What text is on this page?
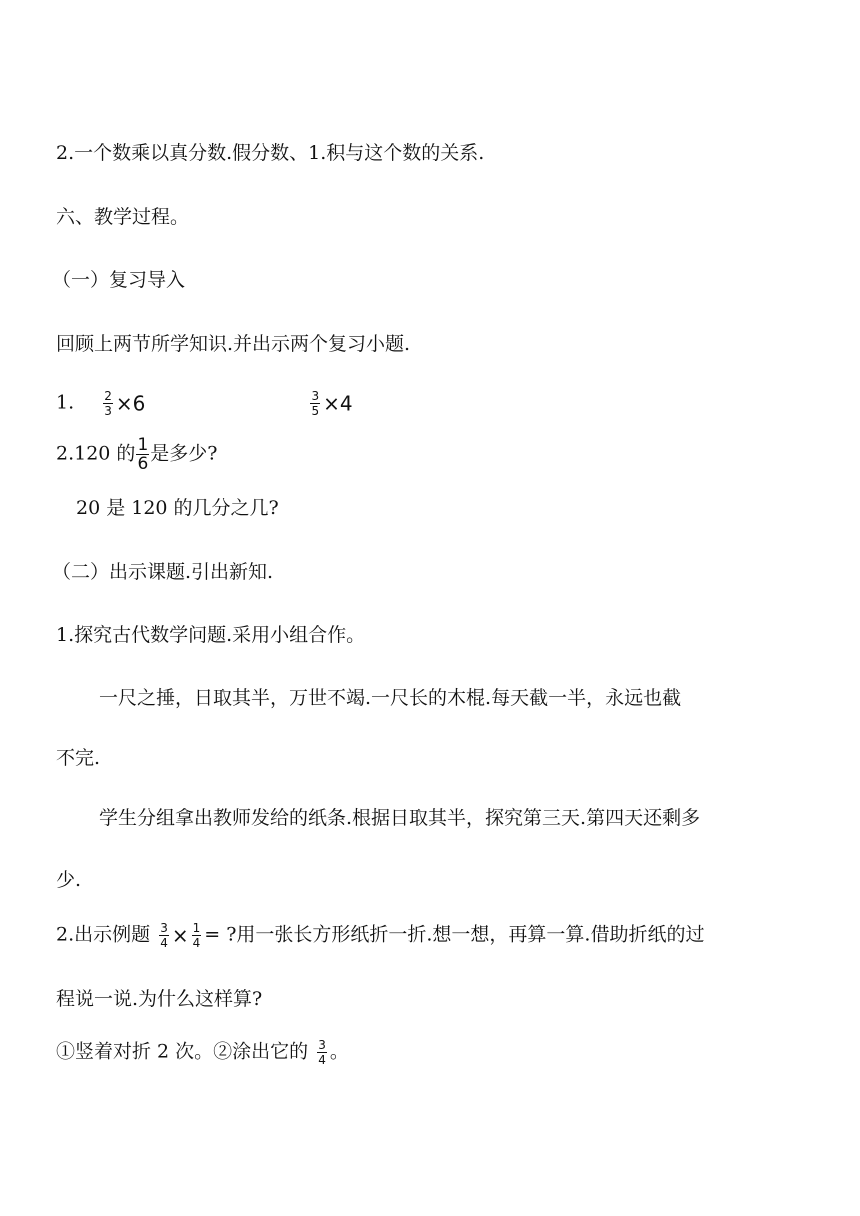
2.一个数乘以真分数.假分数、1.积与这个数的关系.
六、教学过程。
（一）复习导入
回顾上两节所学知识.并出示两个复习小题.
1. $\frac{2}{3} \times 6$	$\frac{3}{5} \times 4$
2.120 的 $\frac{1}{6}$ 是多少?
20 是 120 的几分之几?
（二）出示课题.引出新知.
1.探究古代数学问题.采用小组合作。
一尺之捶，日取其半，万世不竭.一尺长的木棍.每天截一半，永远也截
不完.
学生分组拿出教师发给的纸条.根据日取其半，探究第三天.第四天还剩多
少.
2.出示例题 $\frac{3}{4} \times \frac{1}{4}$ = ?用一张长方形纸折一折.想一想，再算一算.借助折纸的过
程说一说.为什么这样算?
①竖着对折 2 次。②涂出它的 $\frac{3}{4}$ 。
